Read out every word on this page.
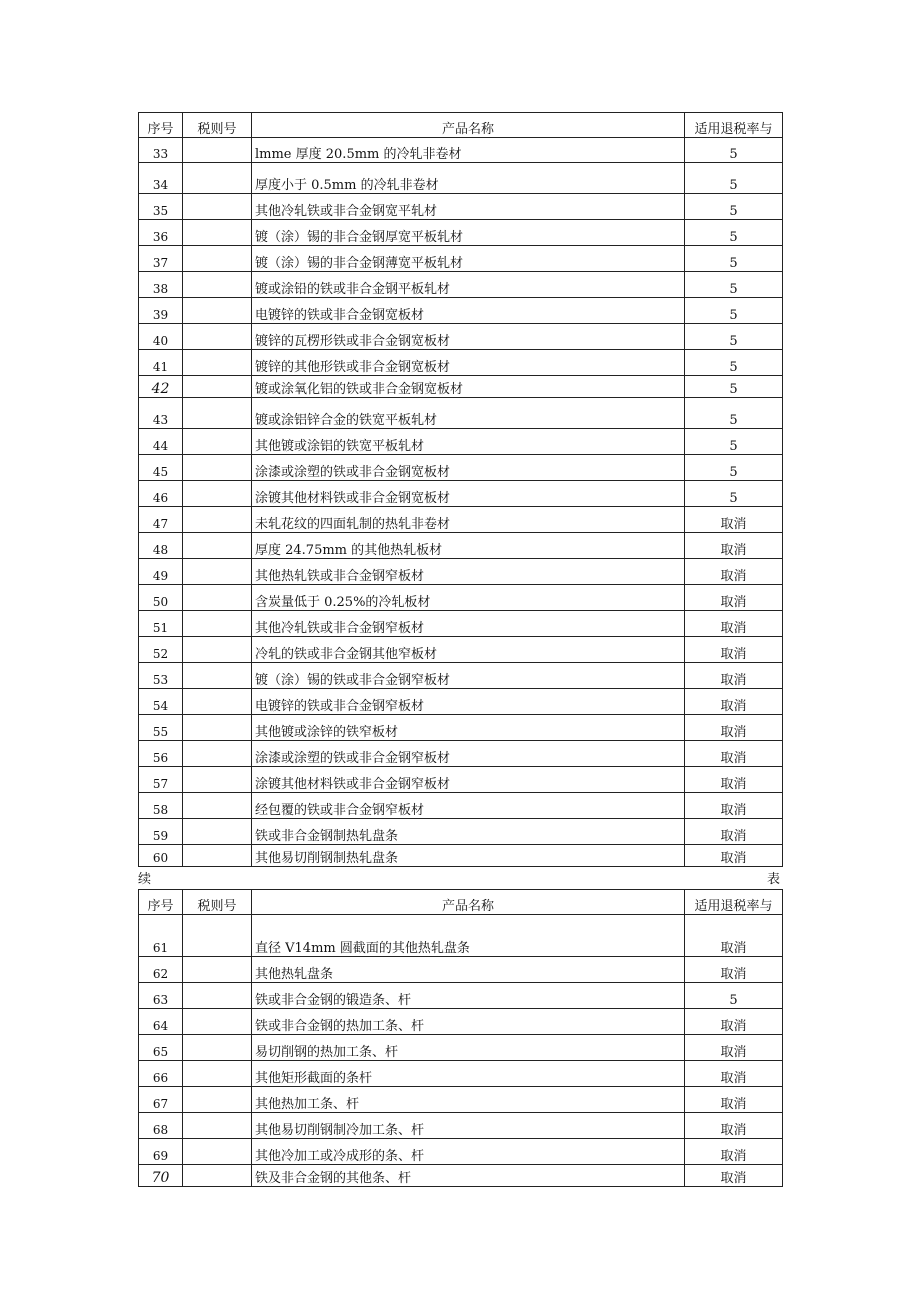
序号	税则号	产品名称	适用退税率与
33		lmme 厚度 20.5mm 的冷轧非卷材	5
34		厚度小于 0.5mm 的冷轧非卷材	5
35		其他冷轧铁或非合金钢宽平轧材	5
36		镀（涂）锡的非合金钢厚宽平板轧材	5
37		镀（涂）锡的非合金钢薄宽平板轧材	5
38		镀或涂铅的铁或非合金钢平板轧材	5
39		电镀锌的铁或非合金钢宽板材	5
40		镀锌的瓦楞形铁或非合金钢宽板材	5
41		镀锌的其他形铁或非合金钢宽板材	5
42		镀或涂氧化铝的铁或非合金钢宽板材	5
43		镀或涂铝锌合金的铁宽平板轧材	5
44		其他镀或涂铝的铁宽平板轧材	5
45		涂漆或涂塑的铁或非合金钢宽板材	5
46		涂镀其他材料铁或非合金钢宽板材	5
47		未轧花纹的四面轧制的热轧非卷材	取消
48		厚度 24.75mm 的其他热轧板材	取消
49		其他热轧铁或非合金钢窄板材	取消
50		含炭量低于 0.25%的冷轧板材	取消
51		其他冷轧铁或非合金钢窄板材	取消
52		冷轧的铁或非合金钢其他窄板材	取消
53		镀（涂）锡的铁或非合金钢窄板材	取消
54		电镀锌的铁或非合金钢窄板材	取消
55		其他镀或涂锌的铁窄板材	取消
56		涂漆或涂塑的铁或非合金钢窄板材	取消
57		涂镀其他材料铁或非合金钢窄板材	取消
58		经包覆的铁或非合金钢窄板材	取消
59		铁或非合金钢制热轧盘条	取消
60		其他易切削钢制热轧盘条	取消
续	表
序号	税则号	产品名称	适用退税率与
61		直径 V14mm 圆截面的其他热轧盘条	取消
62		其他热轧盘条	取消
63		铁或非合金钢的锻造条、杆	5
64		铁或非合金钢的热加工条、杆	取消
65		易切削钢的热加工条、杆	取消
66		其他矩形截面的条杆	取消
67		其他热加工条、杆	取消
68		其他易切削钢制冷加工条、杆	取消
69		其他冷加工或冷成形的条、杆	取消
70		铁及非合金钢的其他条、杆	取消
